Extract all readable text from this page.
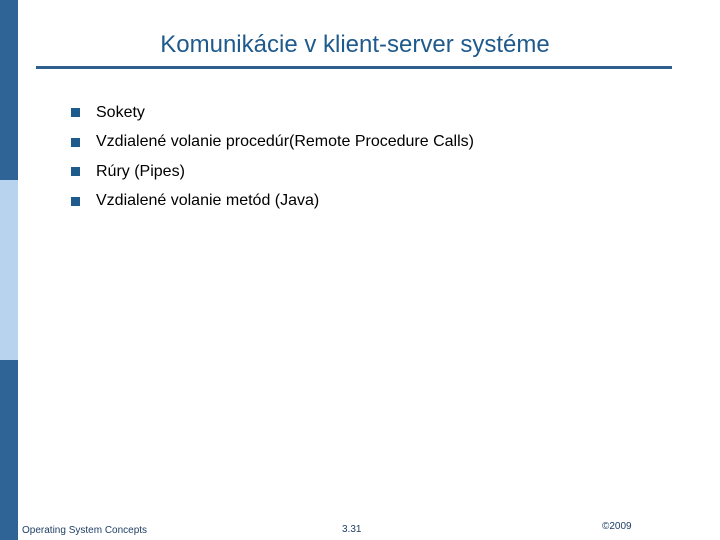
Komunikácie v klient-server systéme
Sokety
Vzdialené volanie procedúr(Remote Procedure Calls)
Rúry (Pipes)
Vzdialené volanie metód (Java)
Operating System Concepts	3.31	©2009
